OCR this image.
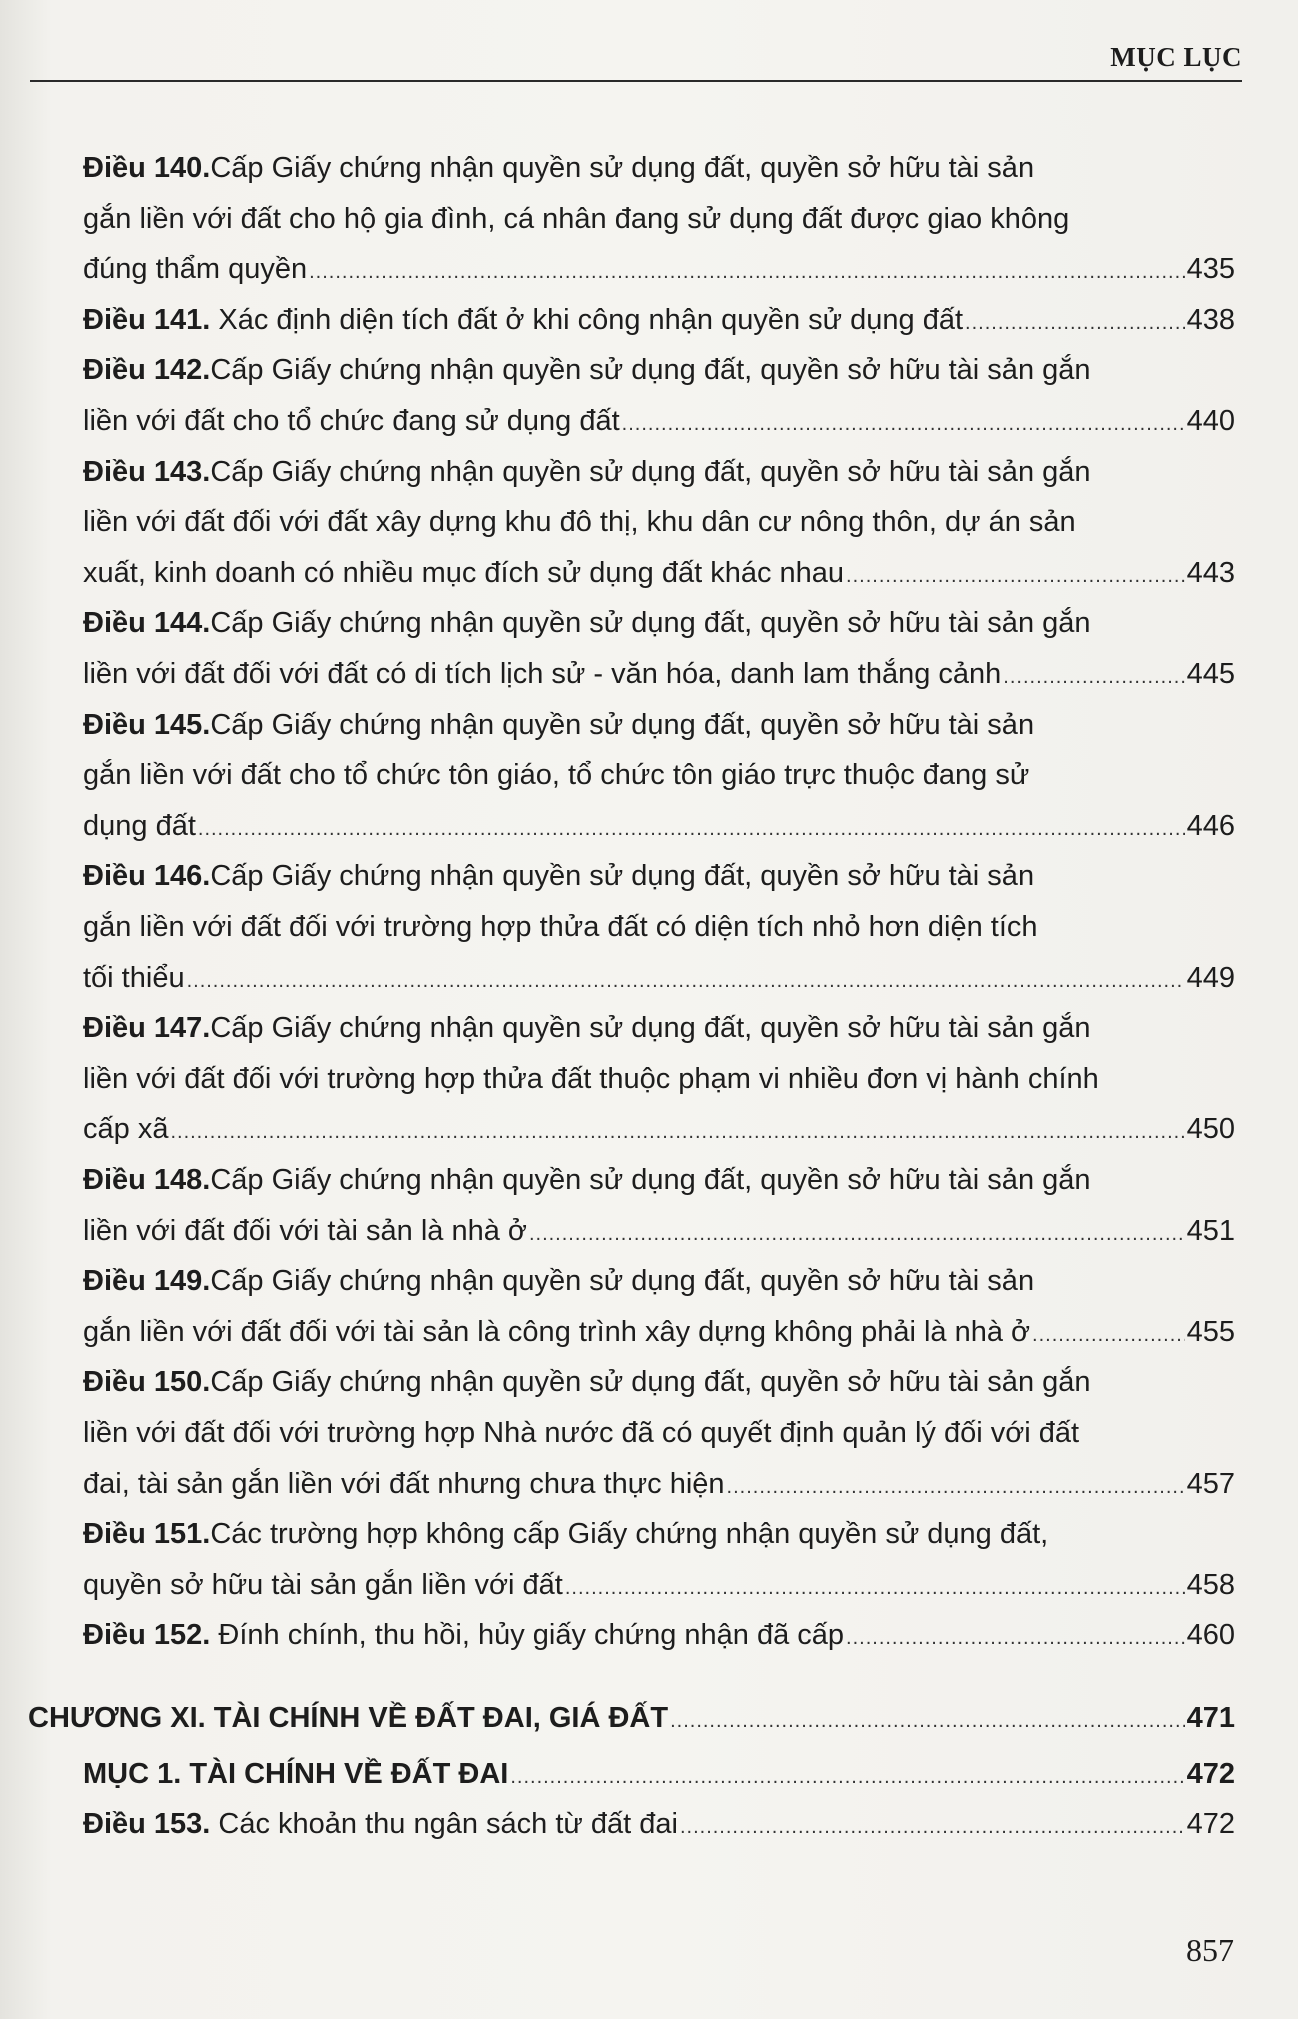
MỤC LỤC
Điều 140. Cấp Giấy chứng nhận quyền sử dụng đất, quyền sở hữu tài sản
gắn liền với đất cho hộ gia đình, cá nhân đang sử dụng đất được giao không
đúng thẩm quyền .....	435
Điều 141. Xác định diện tích đất ở khi công nhận quyền sử dụng đất .....	438
Điều 142. Cấp Giấy chứng nhận quyền sử dụng đất, quyền sở hữu tài sản gắn
liền với đất cho tổ chức đang sử dụng đất .....	440
Điều 143. Cấp Giấy chứng nhận quyền sử dụng đất, quyền sở hữu tài sản gắn
liền với đất đối với đất xây dựng khu đô thị, khu dân cư nông thôn, dự án sản
xuất, kinh doanh có nhiều mục đích sử dụng đất khác nhau .....	443
Điều 144. Cấp Giấy chứng nhận quyền sử dụng đất, quyền sở hữu tài sản gắn
liền với đất đối với đất có di tích lịch sử - văn hóa, danh lam thắng cảnh .....	445
Điều 145. Cấp Giấy chứng nhận quyền sử dụng đất, quyền sở hữu tài sản
gắn liền với đất cho tổ chức tôn giáo, tổ chức tôn giáo trực thuộc đang sử
dụng đất .....	446
Điều 146. Cấp Giấy chứng nhận quyền sử dụng đất, quyền sở hữu tài sản
gắn liền với đất đối với trường hợp thửa đất có diện tích nhỏ hơn diện tích
tối thiểu .....	449
Điều 147. Cấp Giấy chứng nhận quyền sử dụng đất, quyền sở hữu tài sản gắn
liền với đất đối với trường hợp thửa đất thuộc phạm vi nhiều đơn vị hành chính
cấp xã .....	450
Điều 148. Cấp Giấy chứng nhận quyền sử dụng đất, quyền sở hữu tài sản gắn
liền với đất đối với tài sản là nhà ở .....	451
Điều 149. Cấp Giấy chứng nhận quyền sử dụng đất, quyền sở hữu tài sản
gắn liền với đất đối với tài sản là công trình xây dựng không phải là nhà ở .....	455
Điều 150. Cấp Giấy chứng nhận quyền sử dụng đất, quyền sở hữu tài sản gắn
liền với đất đối với trường hợp Nhà nước đã có quyết định quản lý đối với đất
đai, tài sản gắn liền với đất nhưng chưa thực hiện .....	457
Điều 151. Các trường hợp không cấp Giấy chứng nhận quyền sử dụng đất,
quyền sở hữu tài sản gắn liền với đất .....	458
Điều 152. Đính chính, thu hồi, hủy giấy chứng nhận đã cấp .....	460
CHƯƠNG XI. TÀI CHÍNH VỀ ĐẤT ĐAI, GIÁ ĐẤT .....	471
MỤC 1. TÀI CHÍNH VỀ ĐẤT ĐAI .....	472
Điều 153. Các khoản thu ngân sách từ đất đai .....	472
857
